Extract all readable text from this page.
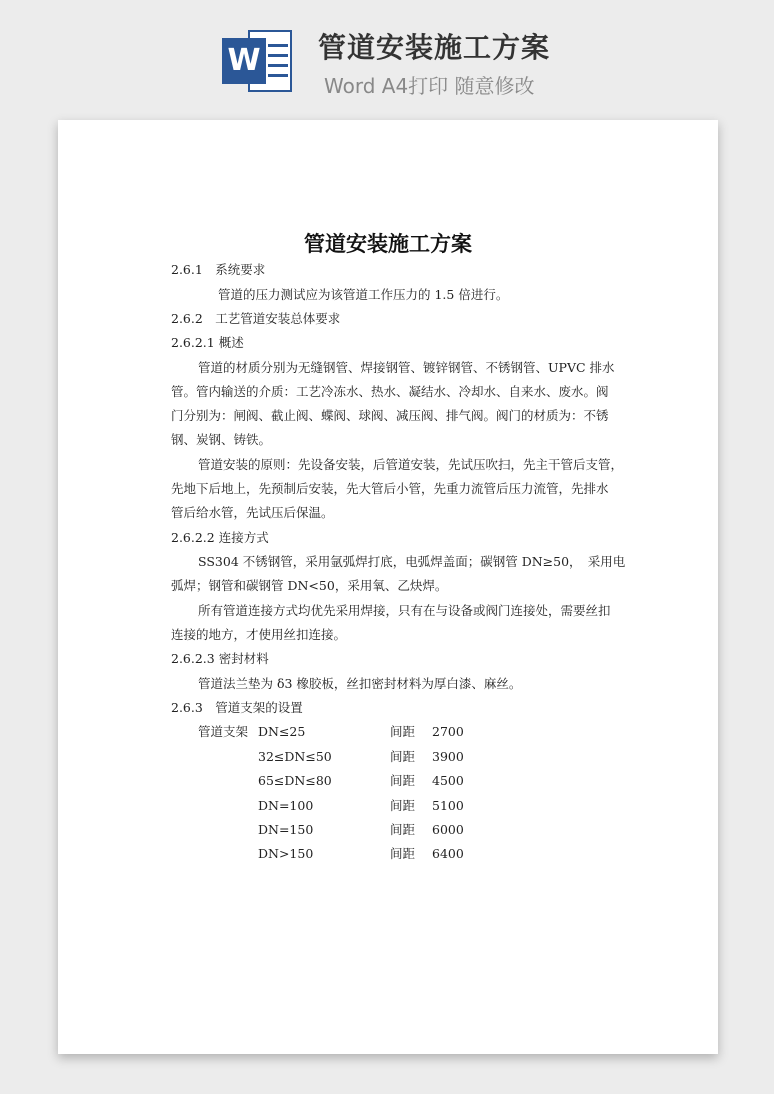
W 管道安装施工方案
Word A4打印 随意修改
管道安装施工方案
2.6.1　系统要求
管道的压力测试应为该管道工作压力的 1.5 倍进行。
2.6.2　工艺管道安装总体要求
2.6.2.1 概述
管道的材质分别为无缝钢管、焊接钢管、镀锌钢管、不锈钢管、UPVC 排水
管。管内输送的介质：工艺冷冻水、热水、凝结水、冷却水、自来水、废水。阀
门分别为：闸阀、截止阀、蝶阀、球阀、减压阀、排气阀。阀门的材质为：不锈
钢、炭钢、铸铁。
管道安装的原则：先设备安装，后管道安装，先试压吹扫，先主干管后支管，
先地下后地上，先预制后安装，先大管后小管，先重力流管后压力流管，先排水
管后给水管，先试压后保温。
2.6.2.2 连接方式
SS304 不锈钢管，采用氩弧焊打底，电弧焊盖面；碳钢管 DN≥50，　采用电
弧焊；钢管和碳钢管 DN<50，采用氧、乙炔焊。
所有管道连接方式均优先采用焊接，只有在与设备或阀门连接处，需要丝扣
连接的地方，才使用丝扣连接。
2.6.2.3 密封材料
管道法兰垫为 δ3 橡胶板，丝扣密封材料为厚白漆、麻丝。
2.6.3　管道支架的设置
管道支架 DN≤25	间距 2700
32≤DN≤50	间距 3900
65≤DN≤80	间距 4500
DN=100	间距 5100
DN=150	间距 6000
DN>150	间距 6400
